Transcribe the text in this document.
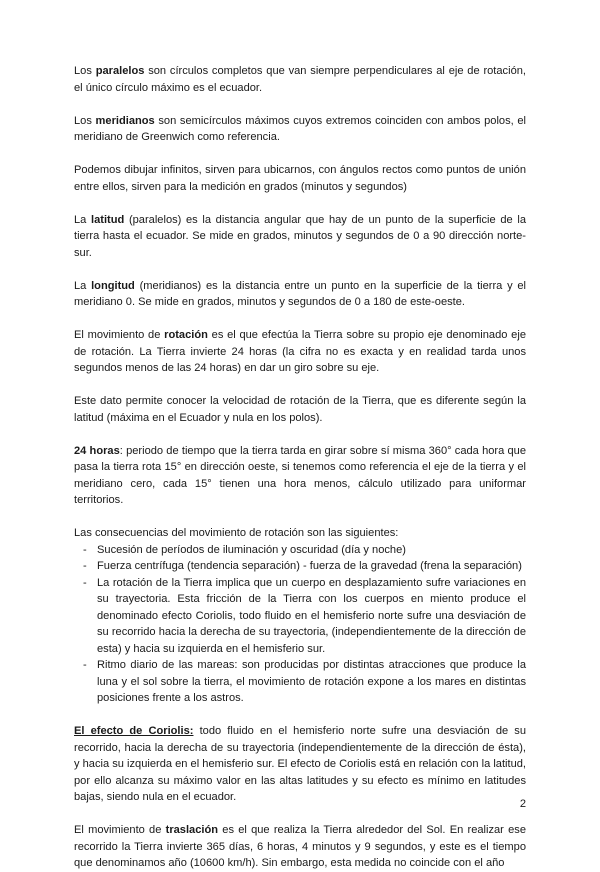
Los paralelos son círculos completos que van siempre perpendiculares al eje de rotación, el único círculo máximo es el ecuador.

Los meridianos son semicírculos máximos cuyos extremos coinciden con ambos polos, el meridiano de Greenwich como referencia.

Podemos dibujar infinitos, sirven para ubicarnos, con ángulos rectos como puntos de unión entre ellos, sirven para la medición en grados (minutos y segundos)

La latitud (paralelos) es la distancia angular que hay de un punto de la superficie de la tierra hasta el ecuador. Se mide en grados, minutos y segundos de 0 a 90 dirección norte-sur.

La longitud (meridianos) es la distancia entre un punto en la superficie de la tierra y el meridiano 0. Se mide en grados, minutos y segundos de 0 a 180 de este-oeste.

El movimiento de rotación es el que efectúa la Tierra sobre su propio eje denominado eje de rotación. La Tierra invierte 24 horas (la cifra no es exacta y en realidad tarda unos segundos menos de las 24 horas) en dar un giro sobre su eje.

Este dato permite conocer la velocidad de rotación de la Tierra, que es diferente según la latitud (máxima en el Ecuador y nula en los polos).

24 horas: periodo de tiempo que la tierra tarda en girar sobre sí misma 360° cada hora que pasa la tierra rota 15° en dirección oeste, si tenemos como referencia el eje de la tierra y el meridiano cero, cada 15° tienen una hora menos, cálculo utilizado para uniformar territorios.

Las consecuencias del movimiento de rotación son las siguientes:

- Sucesión de períodos de iluminación y oscuridad (día y noche)
- Fuerza centrífuga (tendencia separación) - fuerza de la gravedad (frena la separación)
- La rotación de la Tierra implica que un cuerpo en desplazamiento sufre variaciones en su trayectoria. Esta fricción de la Tierra con los cuerpos en miento produce el denominado efecto Coriolis, todo fluido en el hemisferio norte sufre una desviación de su recorrido hacia la derecha de su trayectoria, (independientemente de la dirección de esta) y hacia su izquierda en el hemisferio sur.
- Ritmo diario de las mareas: son producidas por distintas atracciones que produce la luna y el sol sobre la tierra, el movimiento de rotación expone a los mares en distintas posiciones frente a los astros.

El efecto de Coriolis: todo fluido en el hemisferio norte sufre una desviación de su recorrido, hacia la derecha de su trayectoria (independientemente de la dirección de ésta), y hacia su izquierda en el hemisferio sur. El efecto de Coriolis está en relación con la latitud, por ello alcanza su máximo valor en las altas latitudes y su efecto es mínimo en latitudes bajas, siendo nula en el ecuador.

El movimiento de traslación es el que realiza la Tierra alrededor del Sol. En realizar ese recorrido la Tierra invierte 365 días, 6 horas, 4 minutos y 9 segundos, y este es el tiempo que denominamos año (10600 km/h). Sin embargo, esta medida no coincide con el año

2
